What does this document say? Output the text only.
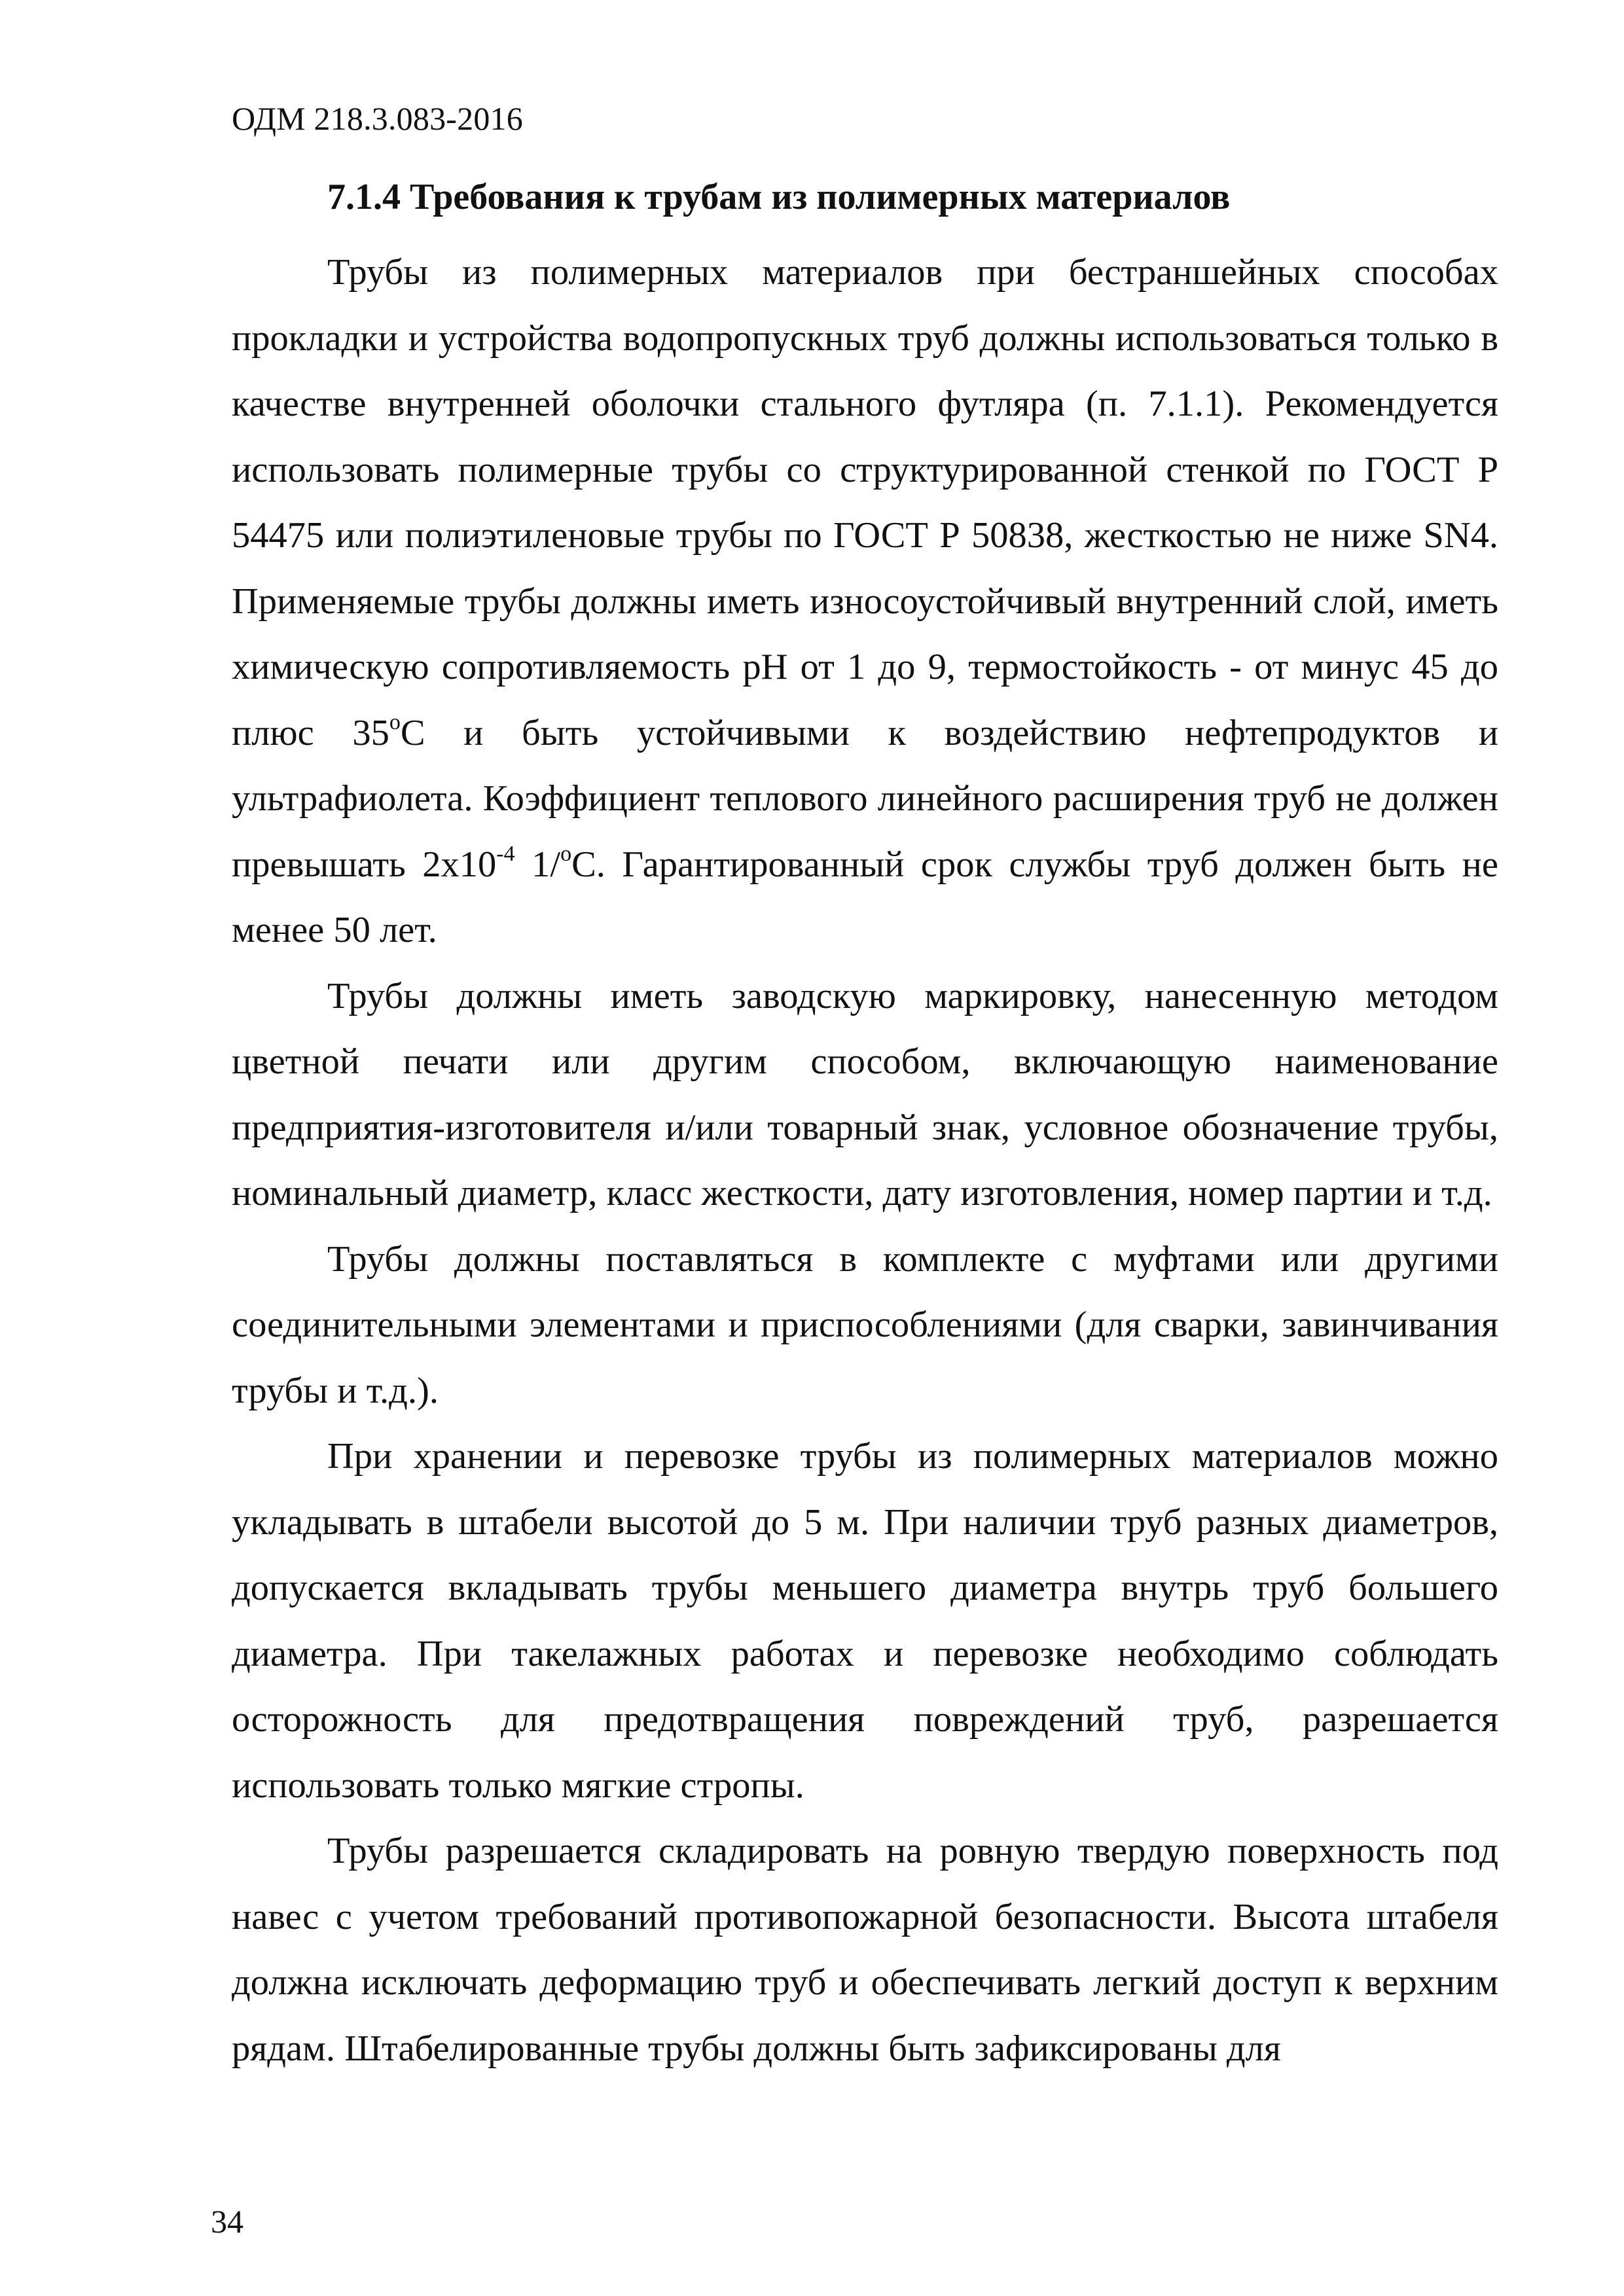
ОДМ 218.3.083-2016
7.1.4 Требования к трубам из полимерных материалов

Трубы из полимерных материалов при бестраншейных способах прокладки и устройства водопропускных труб должны использоваться только в качестве внутренней оболочки стального футляра (п. 7.1.1). Рекомендуется использовать полимерные трубы со структурированной стенкой по ГОСТ Р 54475 или полиэтиленовые трубы по ГОСТ Р 50838, жесткостью не ниже SN4. Применяемые трубы должны иметь износоустойчивый внутренний слой, иметь химическую сопротивляемость pH от 1 до 9, термостойкость - от минус 45 до плюс $35^оС$ и быть устойчивыми к воздействию нефтепродуктов и ультрафиолета. Коэффициент теплового линейного расширения труб не должен превышать $2х10^{-4}$ 1/$^о$С. Гарантированный срок службы труб должен быть не менее 50 лет.

Трубы должны иметь заводскую маркировку, нанесенную методом цветной печати или другим способом, включающую наименование предприятия-изготовителя и/или товарный знак, условное обозначение трубы, номинальный диаметр, класс жесткости, дату изготовления, номер партии и т.д.

Трубы должны поставляться в комплекте с муфтами или другими соединительными элементами и приспособлениями (для сварки, завинчивания трубы и т.д.).

При хранении и перевозке трубы из полимерных материалов можно укладывать в штабели высотой до 5 м. При наличии труб разных диаметров, допускается вкладывать трубы меньшего диаметра внутрь труб большего диаметра. При такелажных работах и перевозке необходимо соблюдать осторожность для предотвращения повреждений труб, разрешается использовать только мягкие стропы.

Трубы разрешается складировать на ровную твердую поверхность под навес с учетом требований противопожарной безопасности. Высота штабеля должна исключать деформацию труб и обеспечивать легкий доступ к верхним рядам. Штабелированные трубы должны быть зафиксированы для

34
